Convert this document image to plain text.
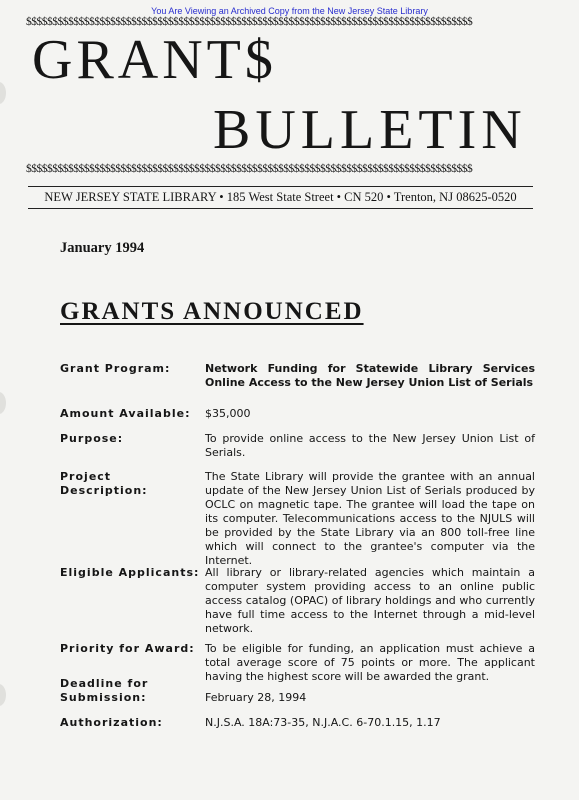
You Are Viewing an Archived Copy from the New Jersey State Library
$$$$$$$$$$$$$$$$$$$$$$$$$$$$$$$$$$$$$$$$$$$$$$$$$$$$$$$$$$$$$$$$$$$$$$$$$$$$$$$$$$$$$
GRANT$
BULLETIN
$$$$$$$$$$$$$$$$$$$$$$$$$$$$$$$$$$$$$$$$$$$$$$$$$$$$$$$$$$$$$$$$$$$$$$$$$$$$$$$$$$$$$
NEW JERSEY STATE LIBRARY • 185 West State Street • CN 520 • Trenton, NJ 08625-0520

January 1994

GRANTS ANNOUNCED

Grant Program:	Network Funding for Statewide Library Services Online Access to the New Jersey Union List of Serials

Amount Available:	$35,000

Purpose:	To provide online access to the New Jersey Union List of Serials.

Project Description:

The State Library will provide the grantee with an annual update of the New Jersey Union List of Serials produced by OCLC on magnetic tape. The grantee will load the tape on its computer. Telecommunications access to the NJULS will be provided by the State Library via an 800 toll-free line which will connect to the grantee's computer via the Internet.

Eligible Applicants: All library or library-related agencies which maintain a computer system providing access to an online public access catalog (OPAC) of library holdings and who currently have full time access to the Internet through a mid-level network.

Priority for Award: To be eligible for funding, an application must achieve a total average score of 75 points or more. The applicant having the highest score will be awarded the grant.

Deadline for Submission:	February 28, 1994

Authorization:	N.J.S.A. 18A:73-35, N.J.A.C. 6-70.1.15, 1.17
